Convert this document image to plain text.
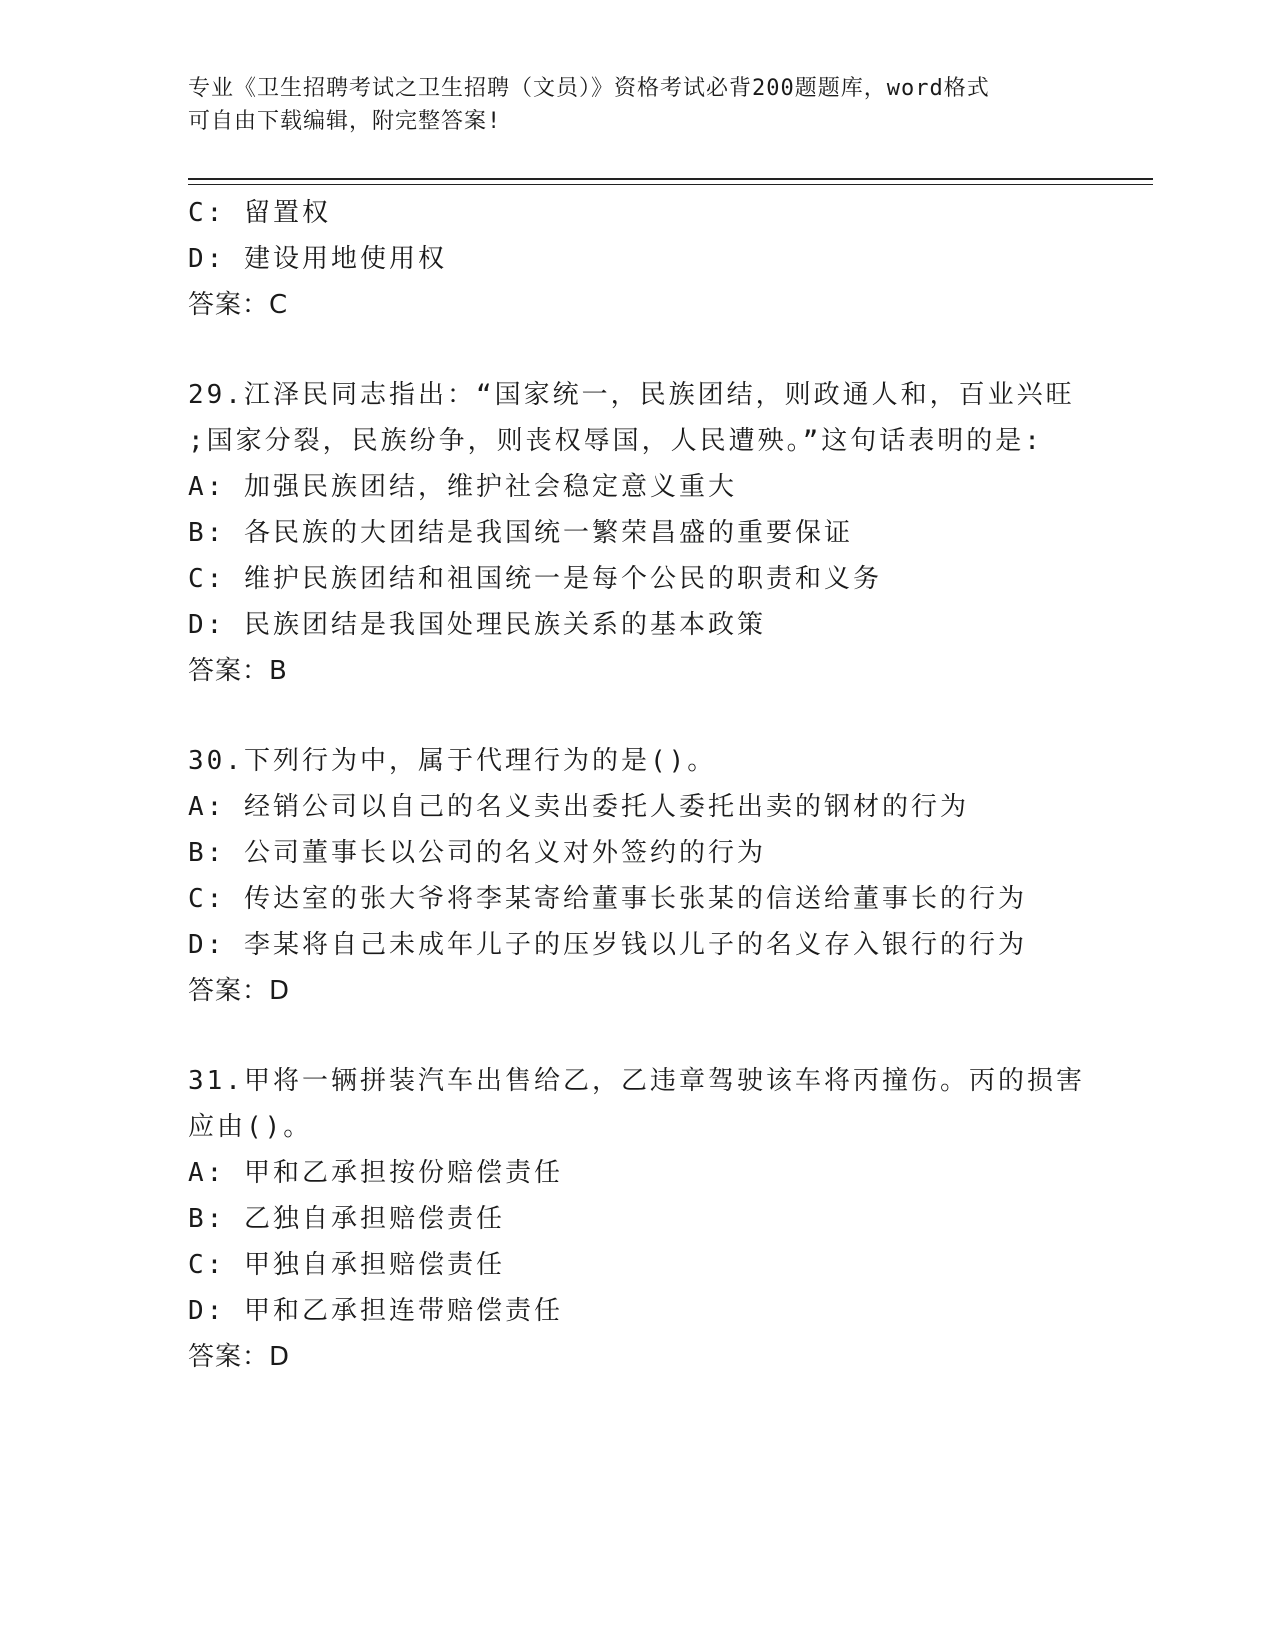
专业《卫生招聘考试之卫生招聘（文员）》资格考试必背200题题库，word格式
可自由下载编辑，附完整答案!
C: 留置权
D: 建设用地使用权
答案：C
29.江泽民同志指出：“国家统一，民族团结，则政通人和，百业兴旺
;国家分裂，民族纷争，则丧权辱国，人民遭殃。”这句话表明的是:
A: 加强民族团结，维护社会稳定意义重大
B: 各民族的大团结是我国统一繁荣昌盛的重要保证
C: 维护民族团结和祖国统一是每个公民的职责和义务
D: 民族团结是我国处理民族关系的基本政策
答案：B
30.下列行为中，属于代理行为的是()。
A: 经销公司以自己的名义卖出委托人委托出卖的钢材的行为
B: 公司董事长以公司的名义对外签约的行为
C: 传达室的张大爷将李某寄给董事长张某的信送给董事长的行为
D: 李某将自己未成年儿子的压岁钱以儿子的名义存入银行的行为
答案：D
31.甲将一辆拼装汽车出售给乙，乙违章驾驶该车将丙撞伤。丙的损害
应由()。
A: 甲和乙承担按份赔偿责任
B: 乙独自承担赔偿责任
C: 甲独自承担赔偿责任
D: 甲和乙承担连带赔偿责任
答案：D
